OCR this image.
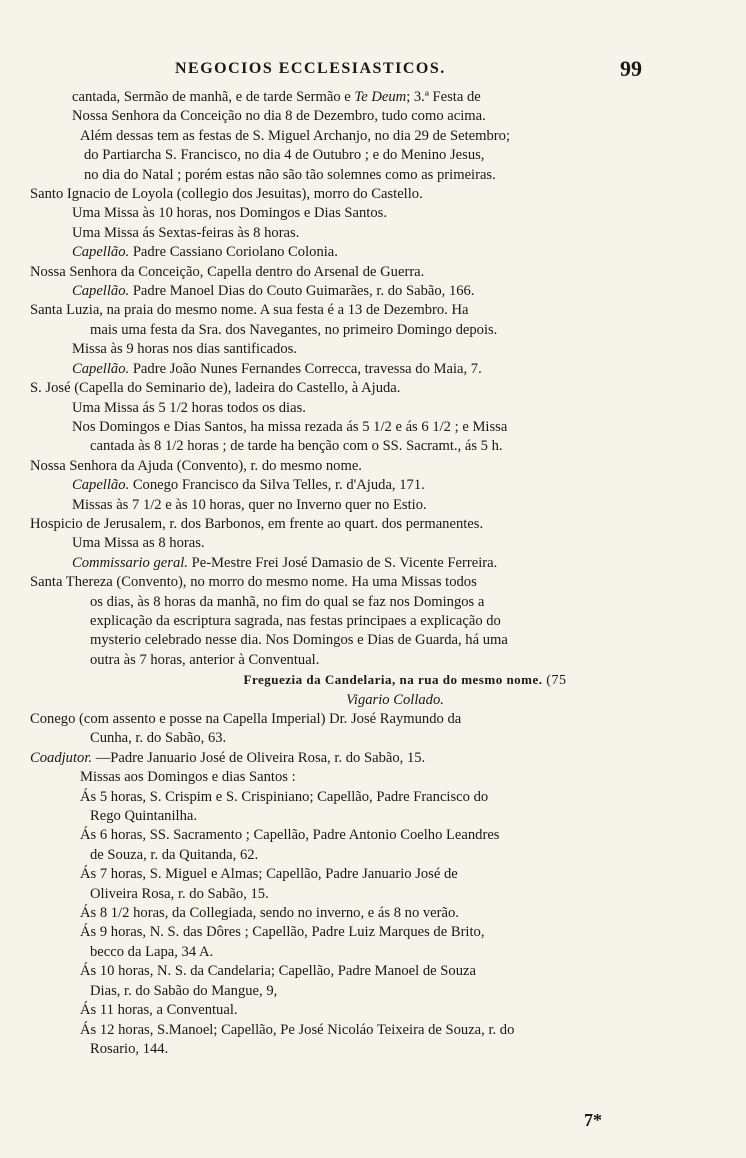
NEGOCIOS ECCLESIASTICOS.	99
cantada, Sermão de manhã, e de tarde Sermão e Te Deum; 3.ª Festa de
Nossa Senhora da Conceição no dia 8 de Dezembro, tudo como acima.
Além dessas tem as festas de S. Miguel Archanjo, no dia 29 de Setembro;
do Partiarcha S. Francisco, no dia 4 de Outubro ; e do Menino Jesus,
no dia do Natal ; porém estas não são tão solemnes como as primeiras.
Santo Ignacio de Loyola (collegio dos Jesuitas), morro do Castello.
Uma Missa às 10 horas, nos Domingos e Dias Santos.
Uma Missa ás Sextas-feiras às 8 horas.
Capellão. Padre Cassiano Coriolano Colonia.
Nossa Senhora da Conceição, Capella dentro do Arsenal de Guerra.
Capellão. Padre Manoel Dias do Couto Guimarães, r. do Sabão, 166.
Santa Luzia, na praia do mesmo nome. A sua festa é a 13 de Dezembro. Ha
mais uma festa da Sra. dos Navegantes, no primeiro Domingo depois.
Missa às 9 horas nos dias santificados.
Capellão. Padre João Nunes Fernandes Correcca, travessa do Maia, 7.
S. José (Capella do Seminario de), ladeira do Castello, à Ajuda.
Uma Missa ás 5 1/2 horas todos os dias.
Nos Domingos e Dias Santos, ha missa rezada ás 5 1/2 e ás 6 1/2 ; e Missa
cantada às 8 1/2 horas ; de tarde ha benção com o SS. Sacramt., ás 5 h.
Nossa Senhora da Ajuda (Convento), r. do mesmo nome.
Capellão. Conego Francisco da Silva Telles, r. d'Ajuda, 171.
Missas às 7 1/2 e às 10 horas, quer no Inverno quer no Estio.
Hospicio de Jerusalem, r. dos Barbonos, em frente ao quart. dos permanentes.
Uma Missa as 8 horas.
Commissario geral. Pe-Mestre Frei José Damasio de S. Vicente Ferreira.
Santa Thereza (Convento), no morro do mesmo nome. Ha uma Missas todos
os dias, às 8 horas da manhã, no fim do qual se faz nos Domingos a
explicação da escriptura sagrada, nas festas principaes a explicação do
mysterio celebrado nesse dia. Nos Domingos e Dias de Guarda, há uma
outra às 7 horas, anterior à Conventual.
Freguezia da Candelaria, na rua do mesmo nome. (75
Vigario Collado.
Conego (com assento e posse na Capella Imperial) Dr. José Raymundo da
Cunha, r. do Sabão, 63.
Coadjutor. —Padre Januario José de Oliveira Rosa, r. do Sabão, 15.
Missas aos Domingos e dias Santos :
Ás 5 horas, S. Crispim e S. Crispiniano; Capellão, Padre Francisco do
Rego Quintanilha.
Ás 6 horas, SS. Sacramento ; Capellão, Padre Antonio Coelho Leandres
de Souza, r. da Quitanda, 62.
Ás 7 horas, S. Miguel e Almas; Capellão, Padre Januario José de
Oliveira Rosa, r. do Sabão, 15.
Ás 8 1/2 horas, da Collegiada, sendo no inverno, e ás 8 no verão.
Ás 9 horas, N. S. das Dôres ; Capellão, Padre Luiz Marques de Brito,
becco da Lapa, 34 A.
Ás 10 horas, N. S. da Candelaria; Capellão, Padre Manoel de Souza
Dias, r. do Sabão do Mangue, 9,
Ás 11 horas, a Conventual.
Ás 12 horas, S.Manoel; Capellão, Pe José Nicoláo Teixeira de Souza, r. do
Rosario, 144.
7*
